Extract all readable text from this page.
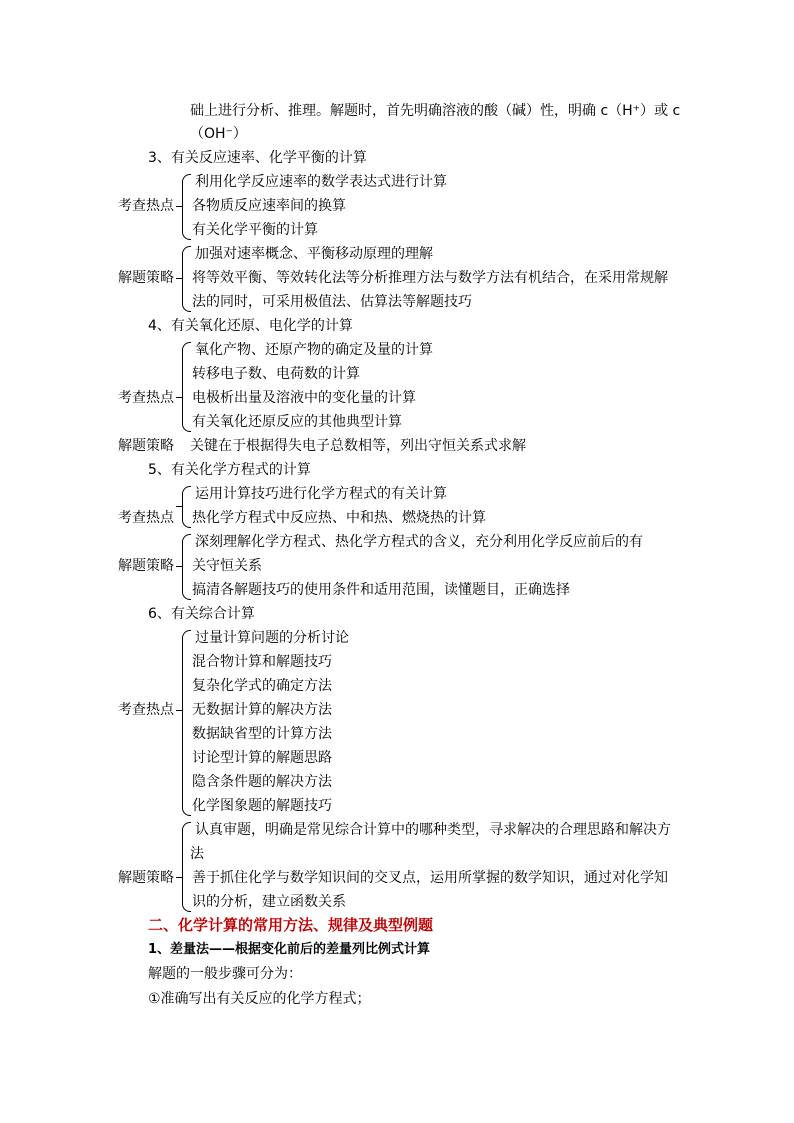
础上进行分析、推理。解题时，首先明确溶液的酸（碱）性，明确 c（H⁺）或 c
（OH⁻）
3、有关反应速率、化学平衡的计算
考查热点
利用化学反应速率的数学表达式进行计算
各物质反应速率间的换算
有关化学平衡的计算
解题策略
加强对速率概念、平衡移动原理的理解
将等效平衡、等效转化法等分析推理方法与数学方法有机结合，在采用常规解
法的同时，可采用极值法、估算法等解题技巧
4、有关氧化还原、电化学的计算
考查热点
氧化产物、还原产物的确定及量的计算
转移电子数、电荷数的计算
电极析出量及溶液中的变化量的计算
有关氧化还原反应的其他典型计算
解题策略 关键在于根据得失电子总数相等，列出守恒关系式求解
5、有关化学方程式的计算
考查热点
运用计算技巧进行化学方程式的有关计算
热化学方程式中反应热、中和热、燃烧热的计算
解题策略
深刻理解化学方程式、热化学方程式的含义，充分利用化学反应前后的有
关守恒关系
搞清各解题技巧的使用条件和适用范围，读懂题目，正确选择
6、有关综合计算
考查热点
过量计算问题的分析讨论
混合物计算和解题技巧
复杂化学式的确定方法
无数据计算的解决方法
数据缺省型的计算方法
讨论型计算的解题思路
隐含条件题的解决方法
化学图象题的解题技巧
解题策略
认真审题，明确是常见综合计算中的哪种类型，寻求解决的合理思路和解决方
法
善于抓住化学与数学知识间的交叉点，运用所掌握的数学知识，通过对化学知
识的分析，建立函数关系
二、化学计算的常用方法、规律及典型例题
1、差量法——根据变化前后的差量列比例式计算
解题的一般步骤可分为：
①准确写出有关反应的化学方程式；
